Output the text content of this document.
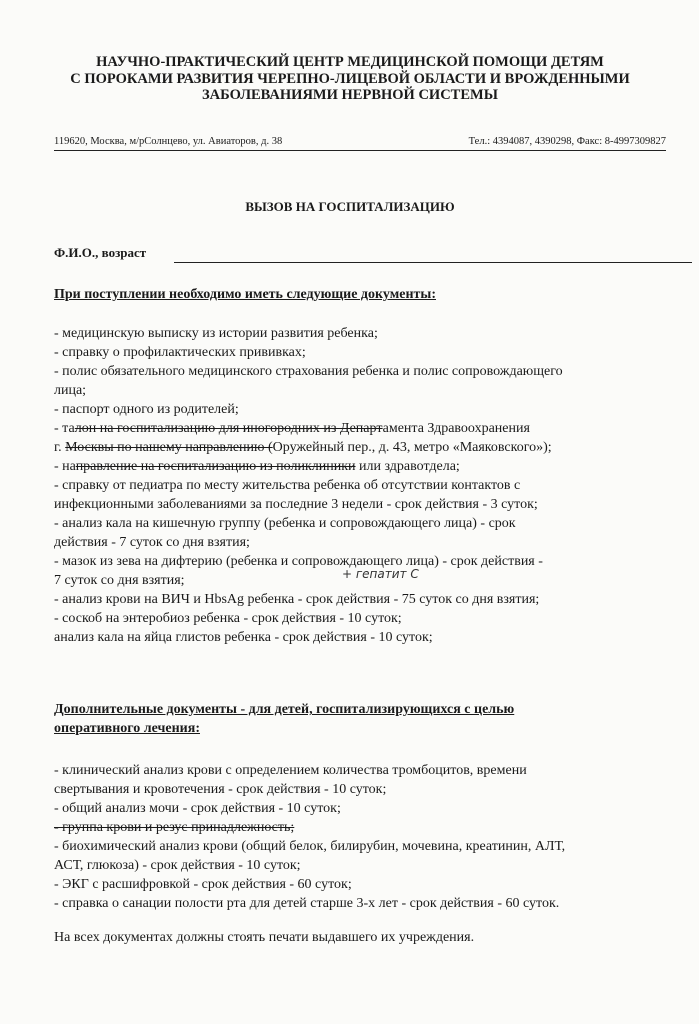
НАУЧНО-ПРАКТИЧЕСКИЙ ЦЕНТР МЕДИЦИНСКОЙ ПОМОЩИ ДЕТЯМ
С ПОРОКАМИ РАЗВИТИЯ ЧЕРЕПНО-ЛИЦЕВОЙ ОБЛАСТИ И ВРОЖДЕННЫМИ
ЗАБОЛЕВАНИЯМИ НЕРВНОЙ СИСТЕМЫ
119620, Москва, м/рСолнцево, ул. Авиаторов, д. 38	Тел.: 4394087, 4390298, Факс: 8-4997309827
ВЫЗОВ НА ГОСПИТАЛИЗАЦИЮ
Ф.И.О., возраст
При поступлении необходимо иметь следующие документы:
- медицинскую выписку из истории развития ребенка;
- справку о профилактических прививках;
- полис обязательного медицинского страхования ребенка и полис сопровождающего
лица;
- паспорт одного из родителей;
- талон на госпитализацию для иногородних из Департамента Здравоохранения
г. Москвы по нашему направлению (Оружейный пер., д. 43, метро «Маяковского»);
- направление на госпитализацию из поликлиники или здравотдела;
- справку от педиатра по месту жительства ребенка об отсутствии контактов с
инфекционными заболеваниями за последние 3 недели - срок действия - 3 суток;
- анализ кала на кишечную группу (ребенка и сопровождающего лица) - срок
действия - 7 суток со дня взятия;
- мазок из зева на дифтерию (ребенка и сопровождающего лица) - срок действия -
7 суток со дня взятия;	+ гепатит С
- анализ крови на ВИЧ и HbsAg ребенка - срок действия - 75 суток со дня взятия;
- соскоб на энтеробиоз ребенка - срок действия - 10 суток;
анализ кала на яйца глистов ребенка - срок действия - 10 суток;
Дополнительные документы - для детей, госпитализирующихся с целью
оперативного лечения:
- клинический анализ крови с определением количества тромбоцитов, времени
свертывания и кровотечения - срок действия - 10 суток;
- общий анализ мочи - срок действия - 10 суток;
- группа крови и резус принадлежность;
- биохимический анализ крови (общий белок, билирубин, мочевина, креатинин, АЛТ,
АСТ, глюкоза) - срок действия - 10 суток;
- ЭКГ с расшифровкой - срок действия - 60 суток;
- справка о санации полости рта для детей старше 3-х лет - срок действия - 60 суток.
На всех документах должны стоять печати выдавшего их учреждения.
